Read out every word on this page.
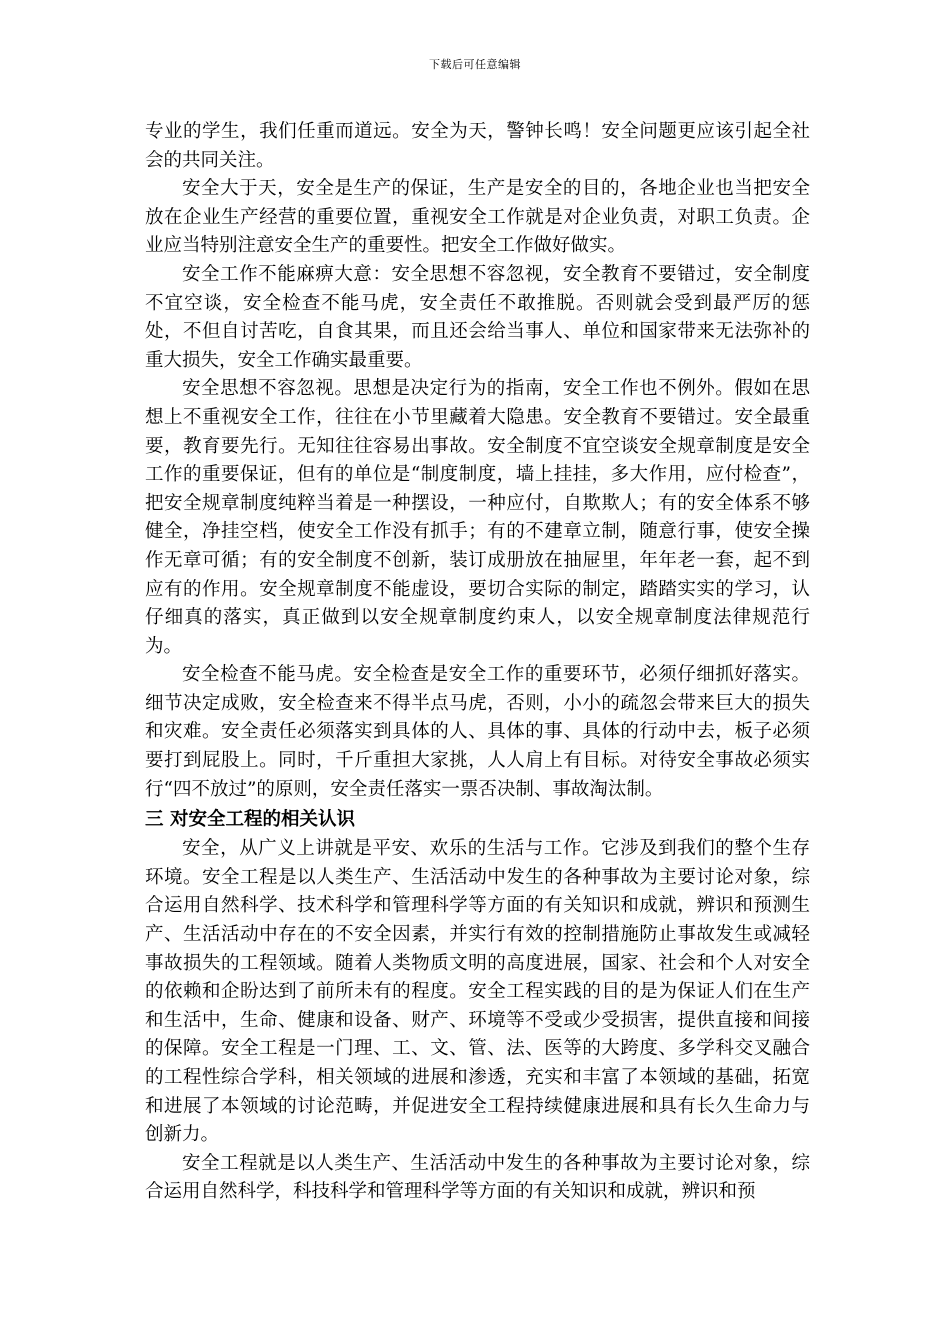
下载后可任意编辑

专业的学生，我们任重而道远。安全为天，警钟长鸣！安全问题更应该引起全社会的共同关注。

安全大于天，安全是生产的保证，生产是安全的目的，各地企业也当把安全放在企业生产经营的重要位置，重视安全工作就是对企业负责，对职工负责。企业应当特别注意安全生产的重要性。把安全工作做好做实。

安全工作不能麻痹大意：安全思想不容忽视，安全教育不要错过，安全制度不宜空谈，安全检查不能马虎，安全责任不敢推脱。否则就会受到最严厉的惩处，不但自讨苦吃，自食其果，而且还会给当事人、单位和国家带来无法弥补的重大损失，安全工作确实最重要。

安全思想不容忽视。思想是决定行为的指南，安全工作也不例外。假如在思想上不重视安全工作，往往在小节里藏着大隐患。安全教育不要错过。安全最重要，教育要先行。无知往往容易出事故。安全制度不宜空谈安全规章制度是安全工作的重要保证，但有的单位是“制度制度，墙上挂挂，多大作用，应付检查”，把安全规章制度纯粹当着是一种摆设，一种应付，自欺欺人；有的安全体系不够健全，净挂空档，使安全工作没有抓手；有的不建章立制，随意行事，使安全操作无章可循；有的安全制度不创新，装订成册放在抽屉里，年年老一套，起不到应有的作用。安全规章制度不能虚设，要切合实际的制定，踏踏实实的学习，认仔细真的落实，真正做到以安全规章制度约束人，以安全规章制度法律规范行为。

安全检查不能马虎。安全检查是安全工作的重要环节，必须仔细抓好落实。细节决定成败，安全检查来不得半点马虎，否则，小小的疏忽会带来巨大的损失和灾难。安全责任必须落实到具体的人、具体的事、具体的行动中去，板子必须要打到屁股上。同时，千斤重担大家挑，人人肩上有目标。对待安全事故必须实行“四不放过”的原则，安全责任落实一票否决制、事故淘汰制。

三 对安全工程的相关认识

安全，从广义上讲就是平安、欢乐的生活与工作。它涉及到我们的整个生存环境。安全工程是以人类生产、生活活动中发生的各种事故为主要讨论对象，综合运用自然科学、技术科学和管理科学等方面的有关知识和成就，辨识和预测生产、生活活动中存在的不安全因素，并实行有效的控制措施防止事故发生或减轻事故损失的工程领域。随着人类物质文明的高度进展，国家、社会和个人对安全的依赖和企盼达到了前所未有的程度。安全工程实践的目的是为保证人们在生产和生活中，生命、健康和设备、财产、环境等不受或少受损害，提供直接和间接的保障。安全工程是一门理、工、文、管、法、医等的大跨度、多学科交叉融合的工程性综合学科，相关领域的进展和渗透，充实和丰富了本领域的基础，拓宽和进展了本领域的讨论范畴，并促进安全工程持续健康进展和具有长久生命力与创新力。

安全工程就是以人类生产、生活活动中发生的各种事故为主要讨论对象，综合运用自然科学，科技科学和管理科学等方面的有关知识和成就，辨识和预
